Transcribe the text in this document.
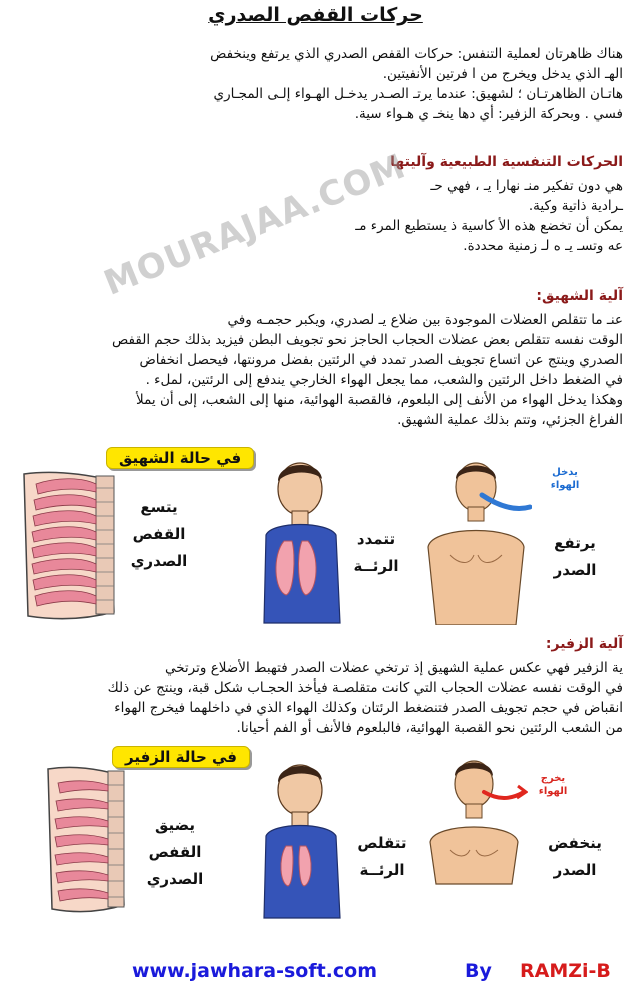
حركات القفص الصدري

هناك ظاهرتان لعملية التنفس: حركات القفص الصدري الذي يرتفع وينخفض
الهـ الذي يدخل ويخرج من ا فرتين الأنفيتين.
هاتـان الظاهرتـان ؛ لشهيق: عندما يرتـ الصـدر يدخـل الهـواء إلـى المجـاري
فسي . وبحركة الزفير: أي دها ينخـ ي هـواء سية.

الحركات التنفسية الطبيعية وآليتها

هي دون تفكير منـ نهارا يـ ، فهي حـ
ـرادية ذاتية وكية.
يمكن أن تخضع هذه الأ كاسية ذ يستطيع المرء مـ
عه وتسـ يـ ه لـ زمنية محددة.

MOURAJAA.COM	آلية الشهيق:

عنـ ما تتقلص العضلات الموجودة بين ضلاع يـ لصدري، ويكبر حجمـه وفي
الوقت نفسه تتقلص بعض عضلات الحجاب الحاجز نحو تجويف البطن فيزيد بذلك حجم القفص
الصدري وينتج عن اتساع تجويف الصدر تمدد في الرئتين بفضل مرونتها، فيحصل انخفاض
في الضغط داخل الرئتين والشعب، مما يجعل الهواء الخارجي يندفع إلى الرئتين، لملء .
وهكذا يدخل الهواء من الأنف إلى البلعوم، فالقصبة الهوائية، منها إلى الشعب، إلى أن يملأ
الفراغ الجزئي، وتتم بذلك عملية الشهيق.

في حالة الشهيق
يتسع
القفص
الصدري
تتمدد
الرئــة
يدخل
الهواء
يرتفع
الصدر

آلية الزفير:

ية الزفير فهي عكس عملية الشهيق إذ ترتخي عضلات الصدر فتهبط الأضلاع وترتخي
في الوقت نفسه عضلات الحجاب التي كانت متقلصـة فيأخذ الحجـاب شكل قبة، وينتج عن ذلك
انقباض في حجم تجويف الصدر فتنضغط الرئتان وكذلك الهواء الذي في داخلهما فيخرج الهواء
من الشعب الرئتين نحو القصبة الهوائية، فالبلعوم فالأنف أو الفم أحيانا.

في حالة الزفير
يضيق
القفص
الصدري
تتقلص
الرئــة
يخرج
الهواء
ينخفض
الصدر
www.jawhara-soft.com	By RAMZi-B
